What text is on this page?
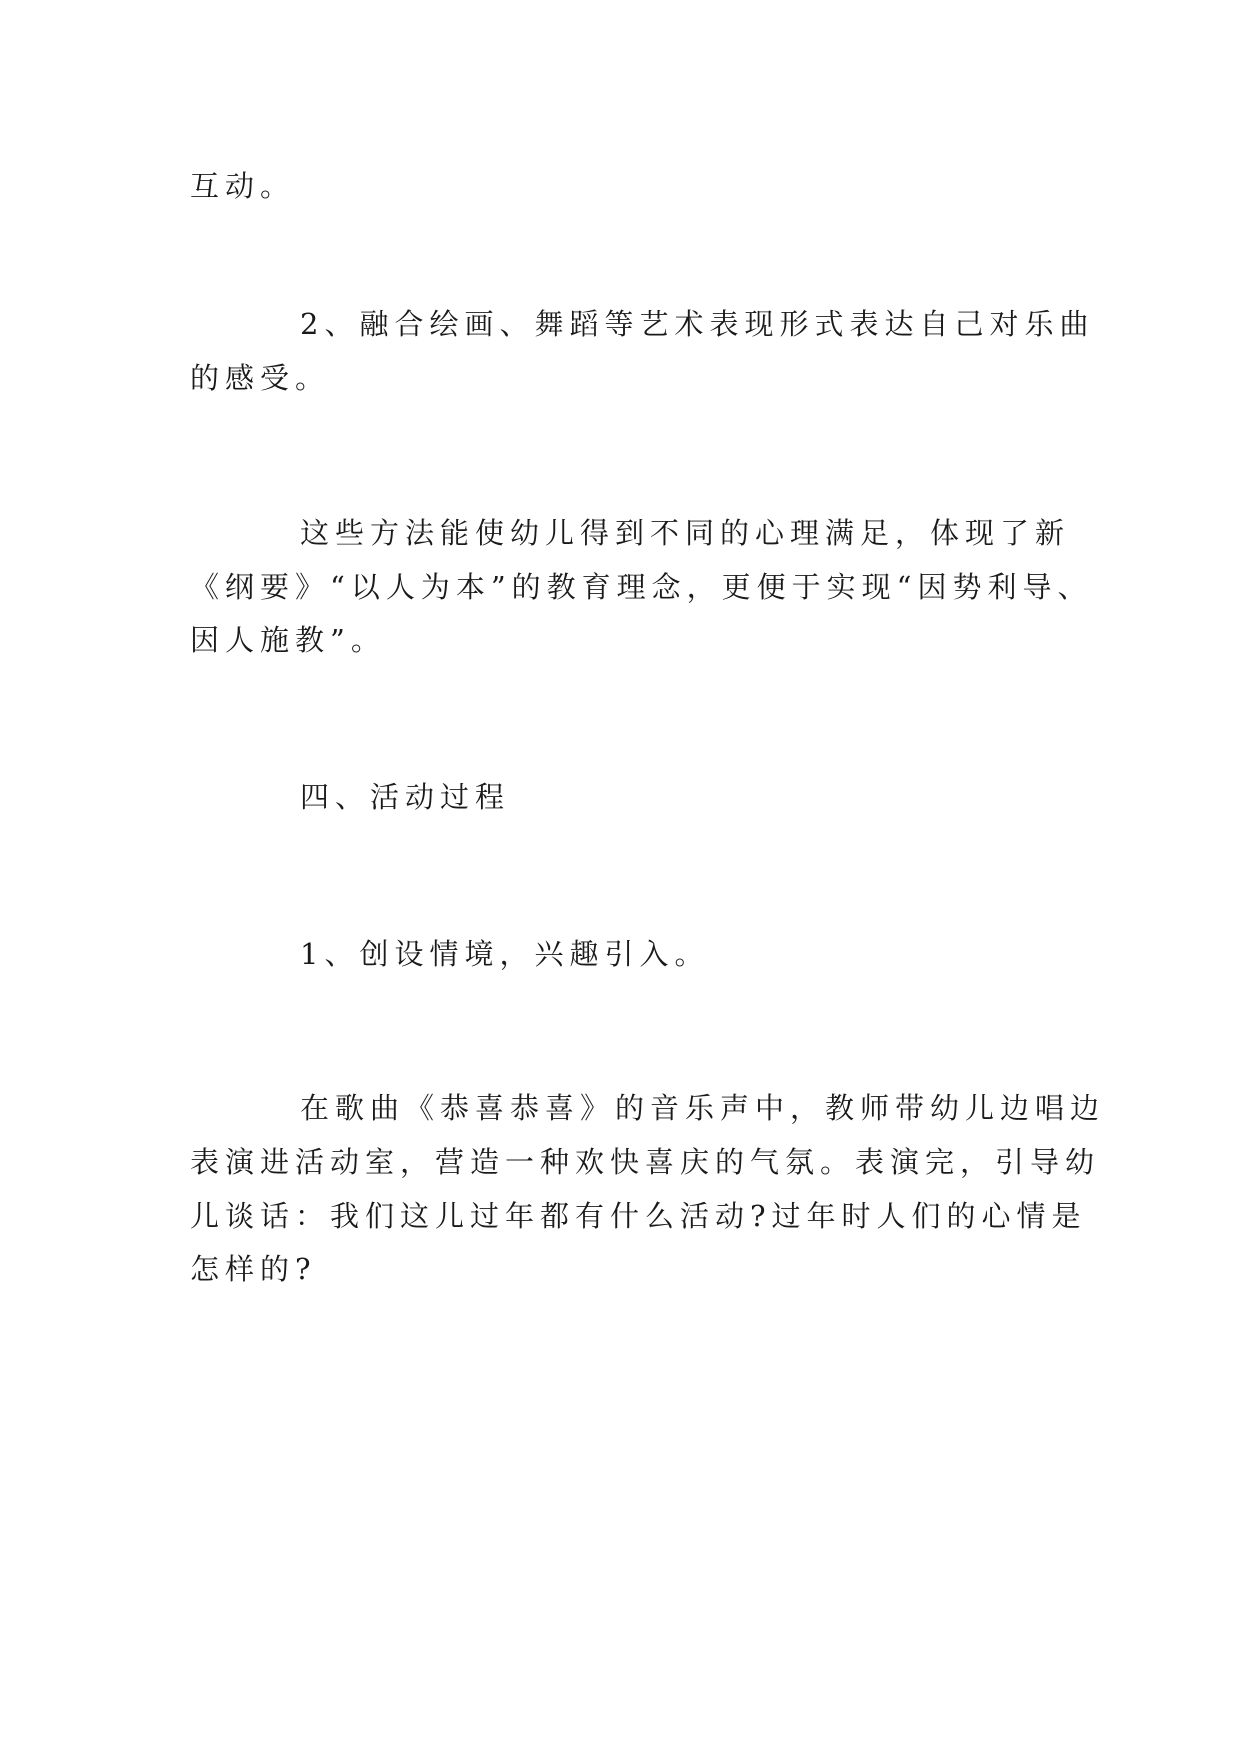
互动。
2、融合绘画、舞蹈等艺术表现形式表达自己对乐曲
的感受。
这些方法能使幼儿得到不同的心理满足，体现了新
《纲要》“以人为本”的教育理念，更便于实现“因势利导、
因人施教”。
四、活动过程
1、创设情境，兴趣引入。
在歌曲《恭喜恭喜》的音乐声中，教师带幼儿边唱边
表演进活动室，营造一种欢快喜庆的气氛。表演完，引导幼
儿谈话：我们这儿过年都有什么活动?过年时人们的心情是
怎样的?
